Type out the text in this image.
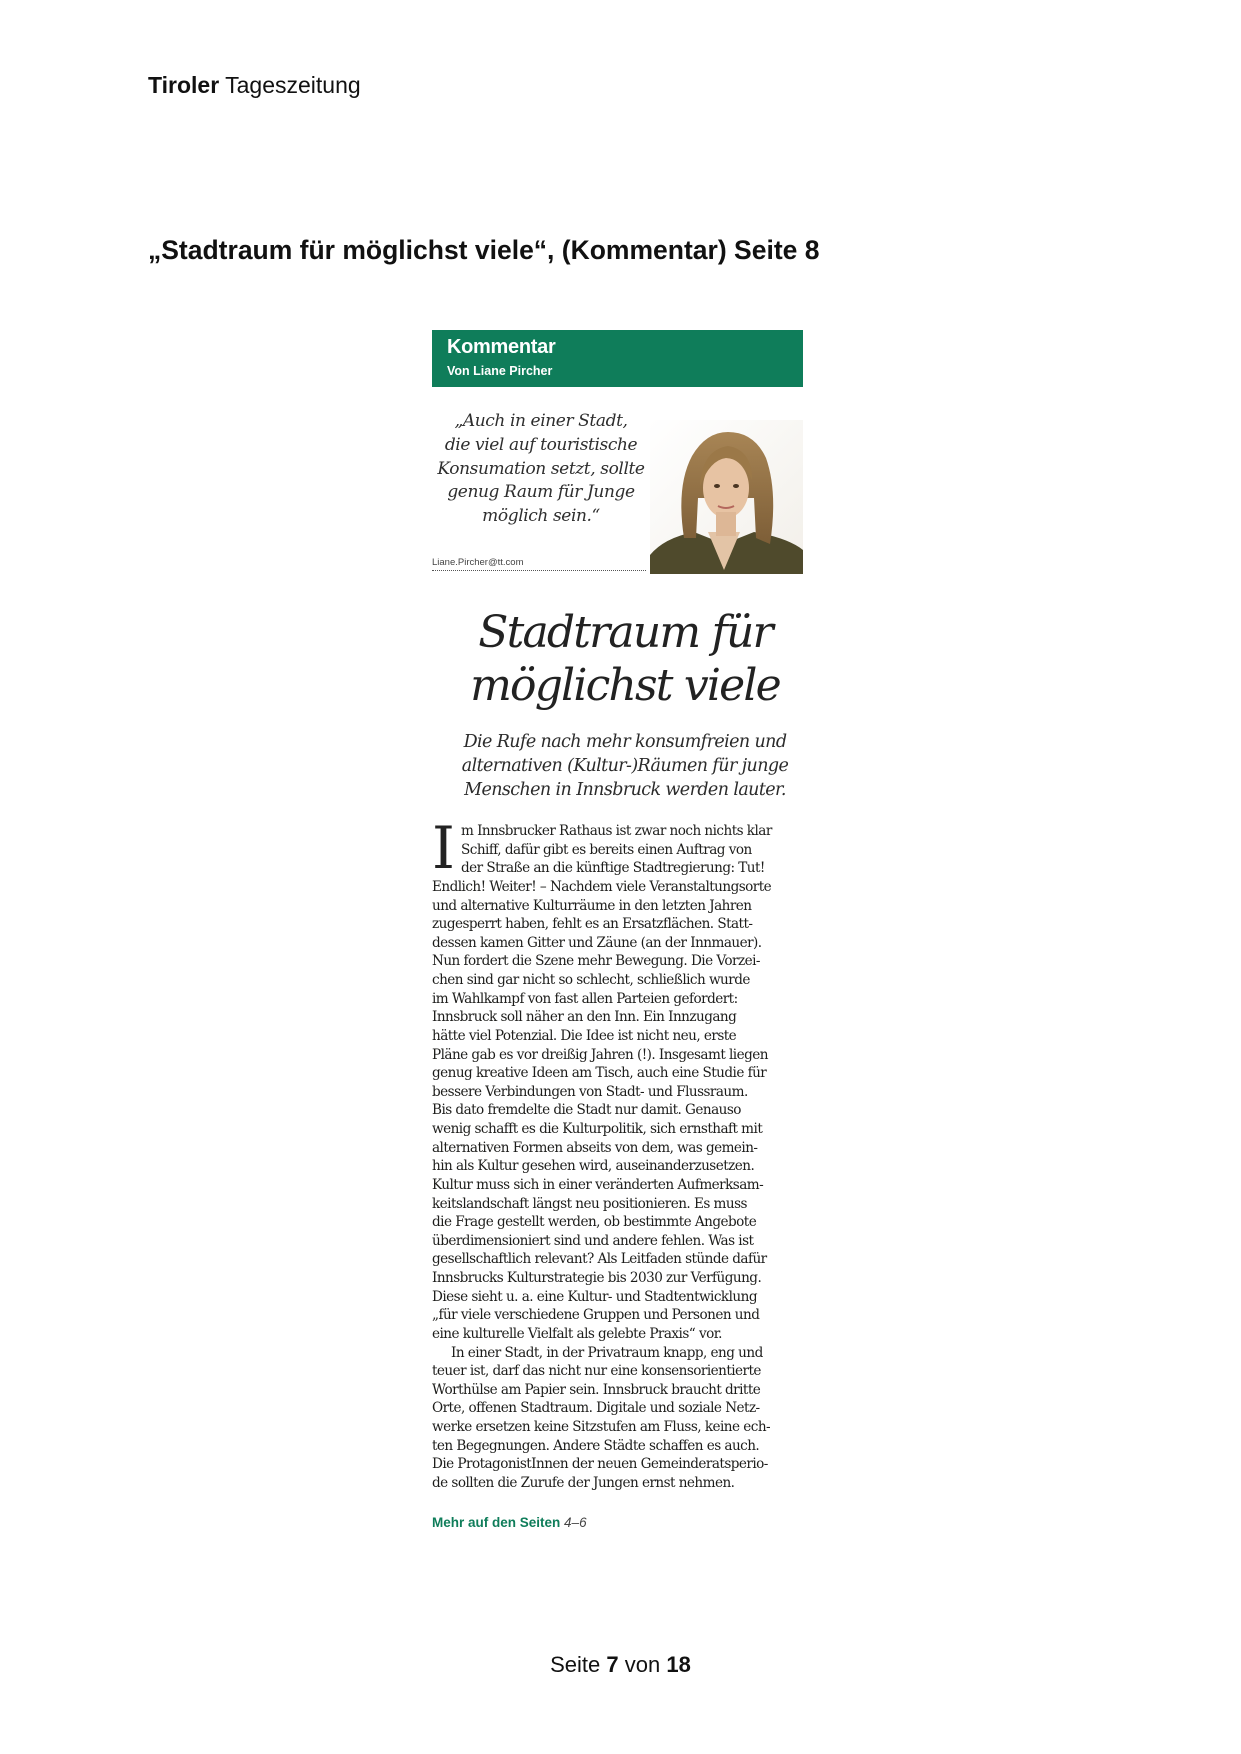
Tiroler Tageszeitung
„Stadtraum für möglichst viele“, (Kommentar) Seite 8
Kommentar
Von Liane Pircher
„Auch in einer Stadt,
die viel auf touristische
Konsumation setzt, sollte
genug Raum für Junge
möglich sein.“
Liane.Pircher@tt.com
Stadtraum für
möglichst viele
Die Rufe nach mehr konsumfreien und
alternativen (Kultur-)Räumen für junge
Menschen in Innsbruck werden lauter.
I m Innsbrucker Rathaus ist zwar noch nichts klar
Schiff, dafür gibt es bereits einen Auftrag von
der Straße an die künftige Stadtregierung: Tut!
Endlich! Weiter! – Nachdem viele Veranstaltungsorte
und alternative Kulturräume in den letzten Jahren
zugesperrt haben, fehlt es an Ersatzflächen. Statt-
dessen kamen Gitter und Zäune (an der Innmauer).
Nun fordert die Szene mehr Bewegung. Die Vorzei-
chen sind gar nicht so schlecht, schließlich wurde
im Wahlkampf von fast allen Parteien gefordert:
Innsbruck soll näher an den Inn. Ein Innzugang
hätte viel Potenzial. Die Idee ist nicht neu, erste
Pläne gab es vor dreißig Jahren (!). Insgesamt liegen
genug kreative Ideen am Tisch, auch eine Studie für
bessere Verbindungen von Stadt- und Flussraum.
Bis dato fremdelte die Stadt nur damit. Genauso
wenig schafft es die Kulturpolitik, sich ernsthaft mit
alternativen Formen abseits von dem, was gemein-
hin als Kultur gesehen wird, auseinanderzusetzen.
Kultur muss sich in einer veränderten Aufmerksam-
keitslandschaft längst neu positionieren. Es muss
die Frage gestellt werden, ob bestimmte Angebote
überdimensioniert sind und andere fehlen. Was ist
gesellschaftlich relevant? Als Leitfaden stünde dafür
Innsbrucks Kulturstrategie bis 2030 zur Verfügung.
Diese sieht u. a. eine Kultur- und Stadtentwicklung
„für viele verschiedene Gruppen und Personen und
eine kulturelle Vielfalt als gelebte Praxis“ vor.
In einer Stadt, in der Privatraum knapp, eng und
teuer ist, darf das nicht nur eine konsensorientierte
Worthülse am Papier sein. Innsbruck braucht dritte
Orte, offenen Stadtraum. Digitale und soziale Netz-
werke ersetzen keine Sitzstufen am Fluss, keine ech-
ten Begegnungen. Andere Städte schaffen es auch.
Die ProtagonistInnen der neuen Gemeinderatsperio-
de sollten die Zurufe der Jungen ernst nehmen.
Mehr auf den Seiten 4–6
Seite 7 von 18
